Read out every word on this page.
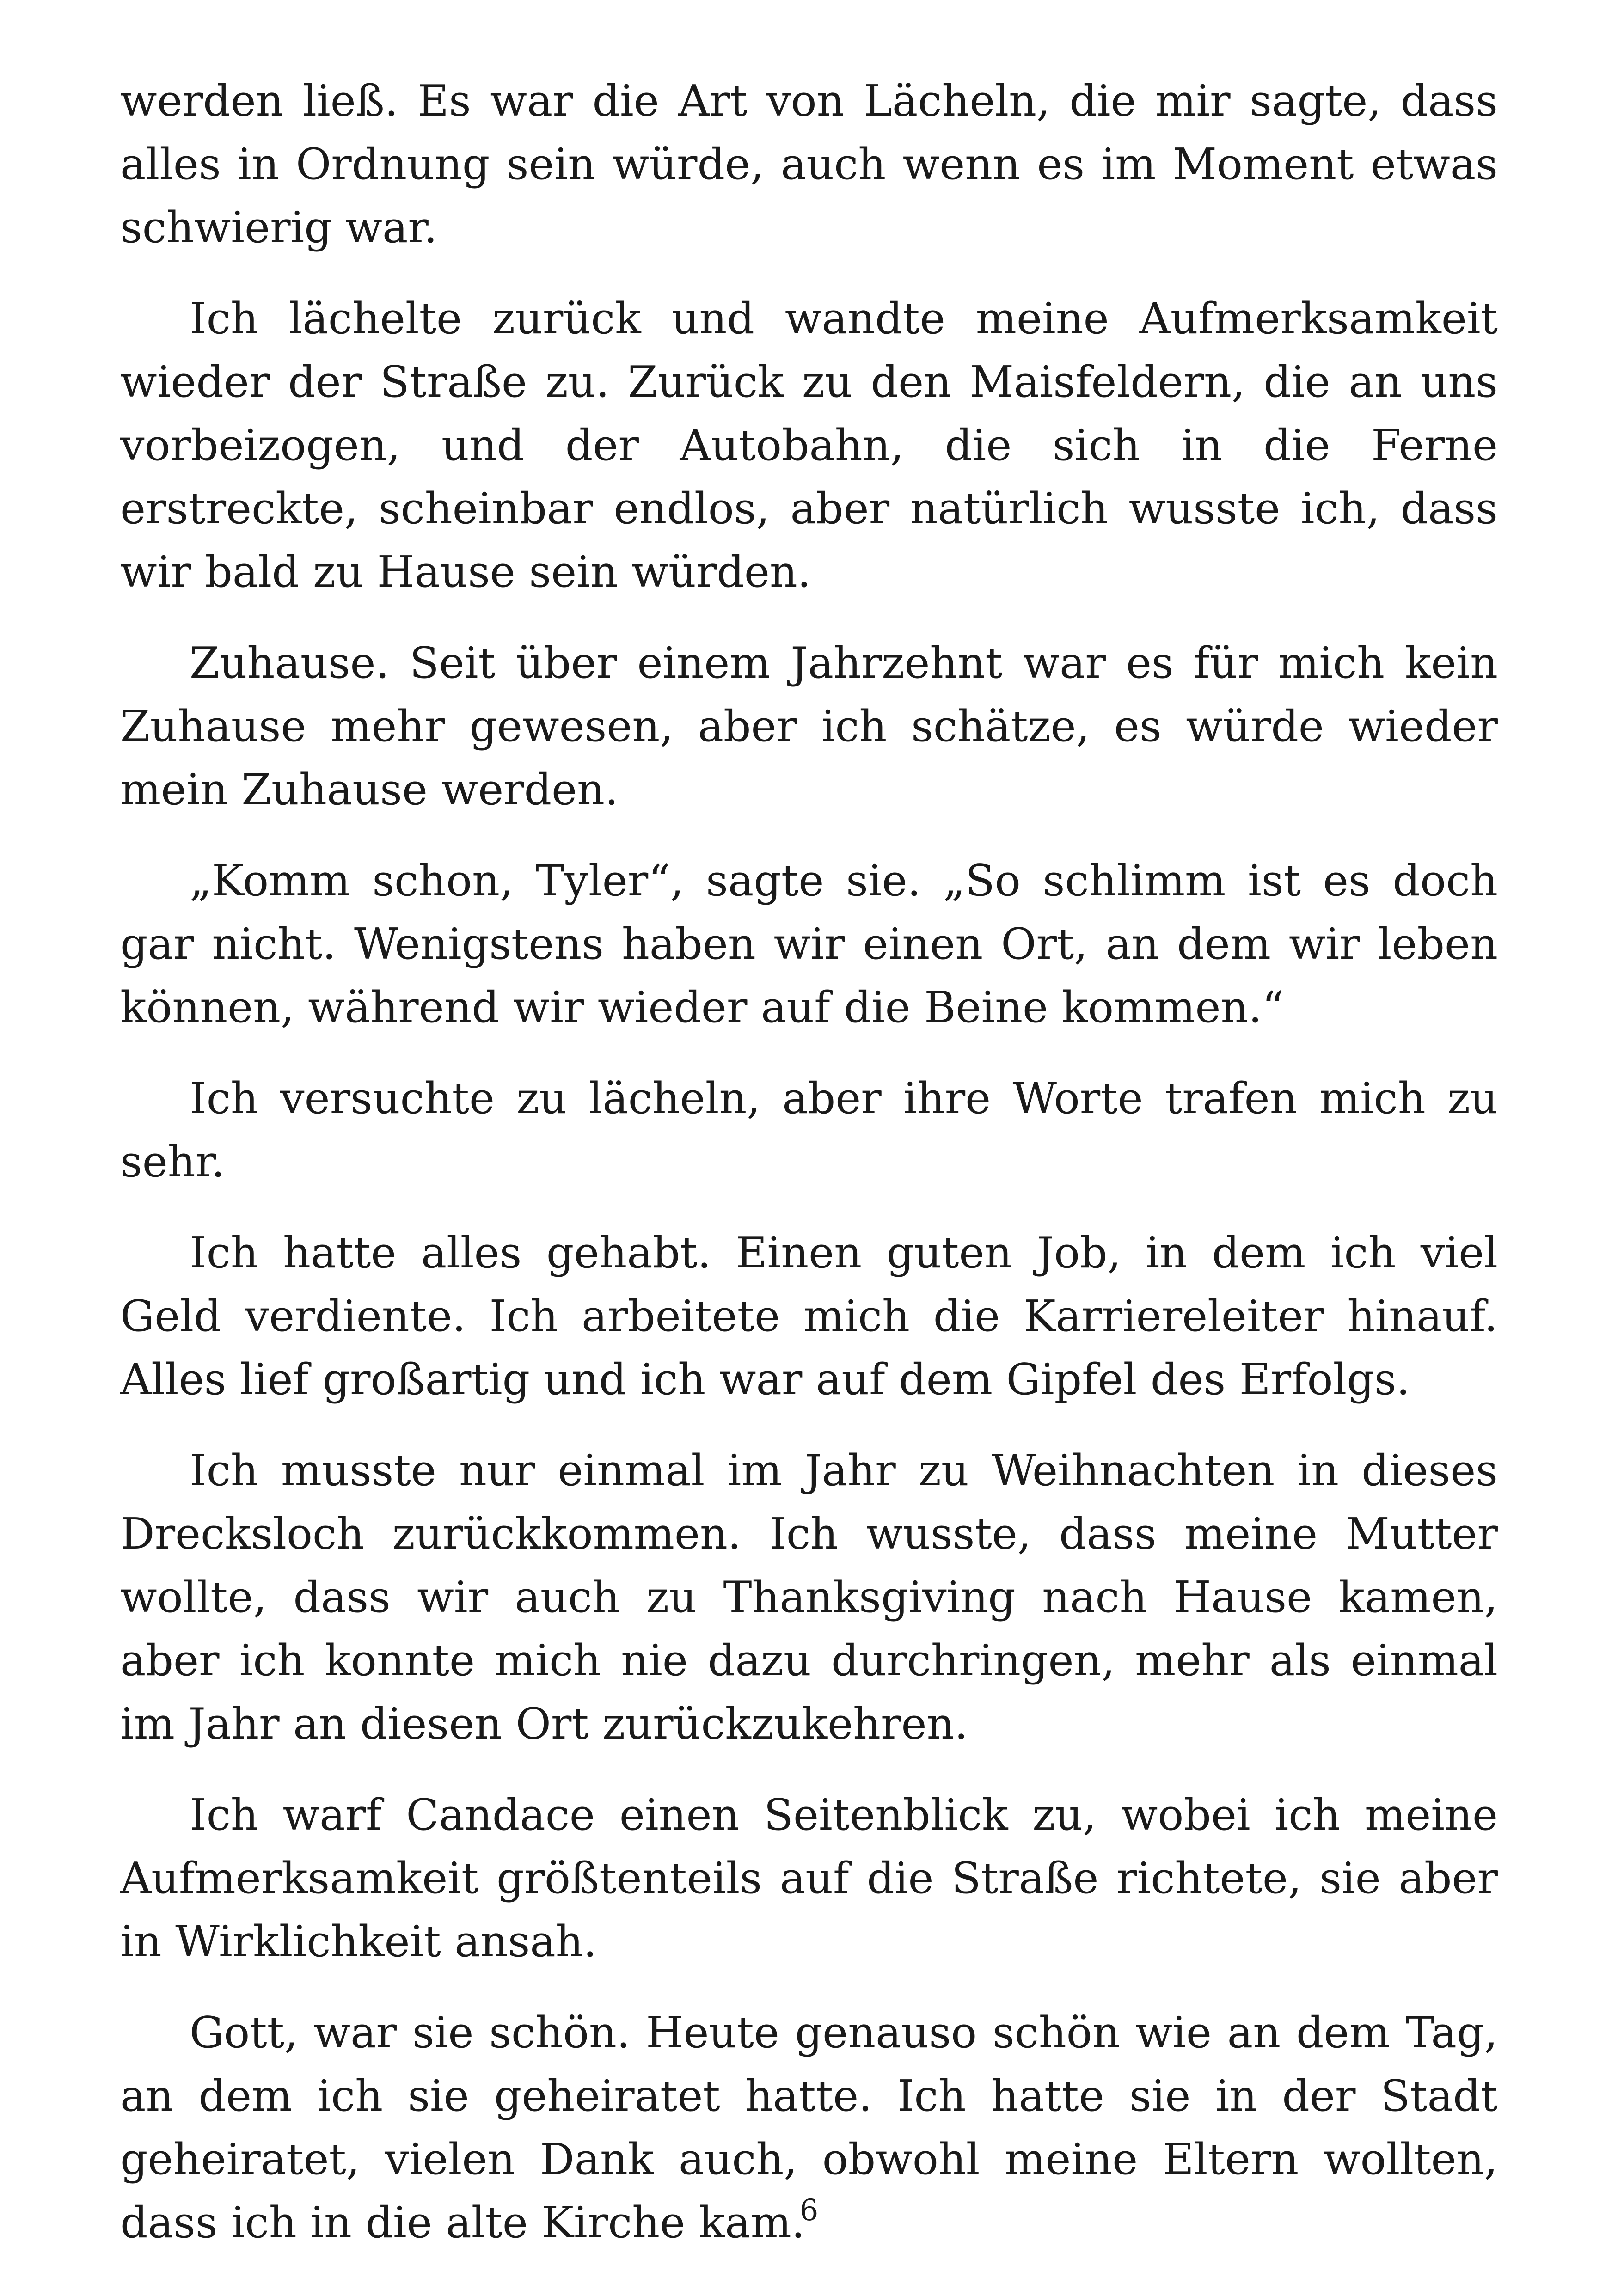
werden ließ. Es war die Art von Lächeln, die mir sagte, dass alles in Ordnung sein würde, auch wenn es im Moment etwas schwierig war.

Ich lächelte zurück und wandte meine Aufmerksamkeit wieder der Straße zu. Zurück zu den Maisfeldern, die an uns vorbeizogen, und der Autobahn, die sich in die Ferne erstreckte, scheinbar endlos, aber natürlich wusste ich, dass wir bald zu Hause sein würden.

Zuhause. Seit über einem Jahrzehnt war es für mich kein Zuhause mehr gewesen, aber ich schätze, es würde wieder mein Zuhause werden.

„Komm schon, Tyler“, sagte sie. „So schlimm ist es doch gar nicht. Wenigstens haben wir einen Ort, an dem wir leben können, während wir wieder auf die Beine kommen.“

Ich versuchte zu lächeln, aber ihre Worte trafen mich zu sehr.

Ich hatte alles gehabt. Einen guten Job, in dem ich viel Geld verdiente. Ich arbeitete mich die Karriereleiter hinauf. Alles lief großartig und ich war auf dem Gipfel des Erfolgs.

Ich musste nur einmal im Jahr zu Weihnachten in dieses Drecksloch zurückkommen. Ich wusste, dass meine Mutter wollte, dass wir auch zu Thanksgiving nach Hause kamen, aber ich konnte mich nie dazu durchringen, mehr als einmal im Jahr an diesen Ort zurückzukehren.

Ich warf Candace einen Seitenblick zu, wobei ich meine Aufmerksamkeit größtenteils auf die Straße richtete, sie aber in Wirklichkeit ansah.

Gott, war sie schön. Heute genauso schön wie an dem Tag, an dem ich sie geheiratet hatte. Ich hatte sie in der Stadt geheiratet, vielen Dank auch, obwohl meine Eltern wollten, dass ich in die alte Kirche kam.

6
